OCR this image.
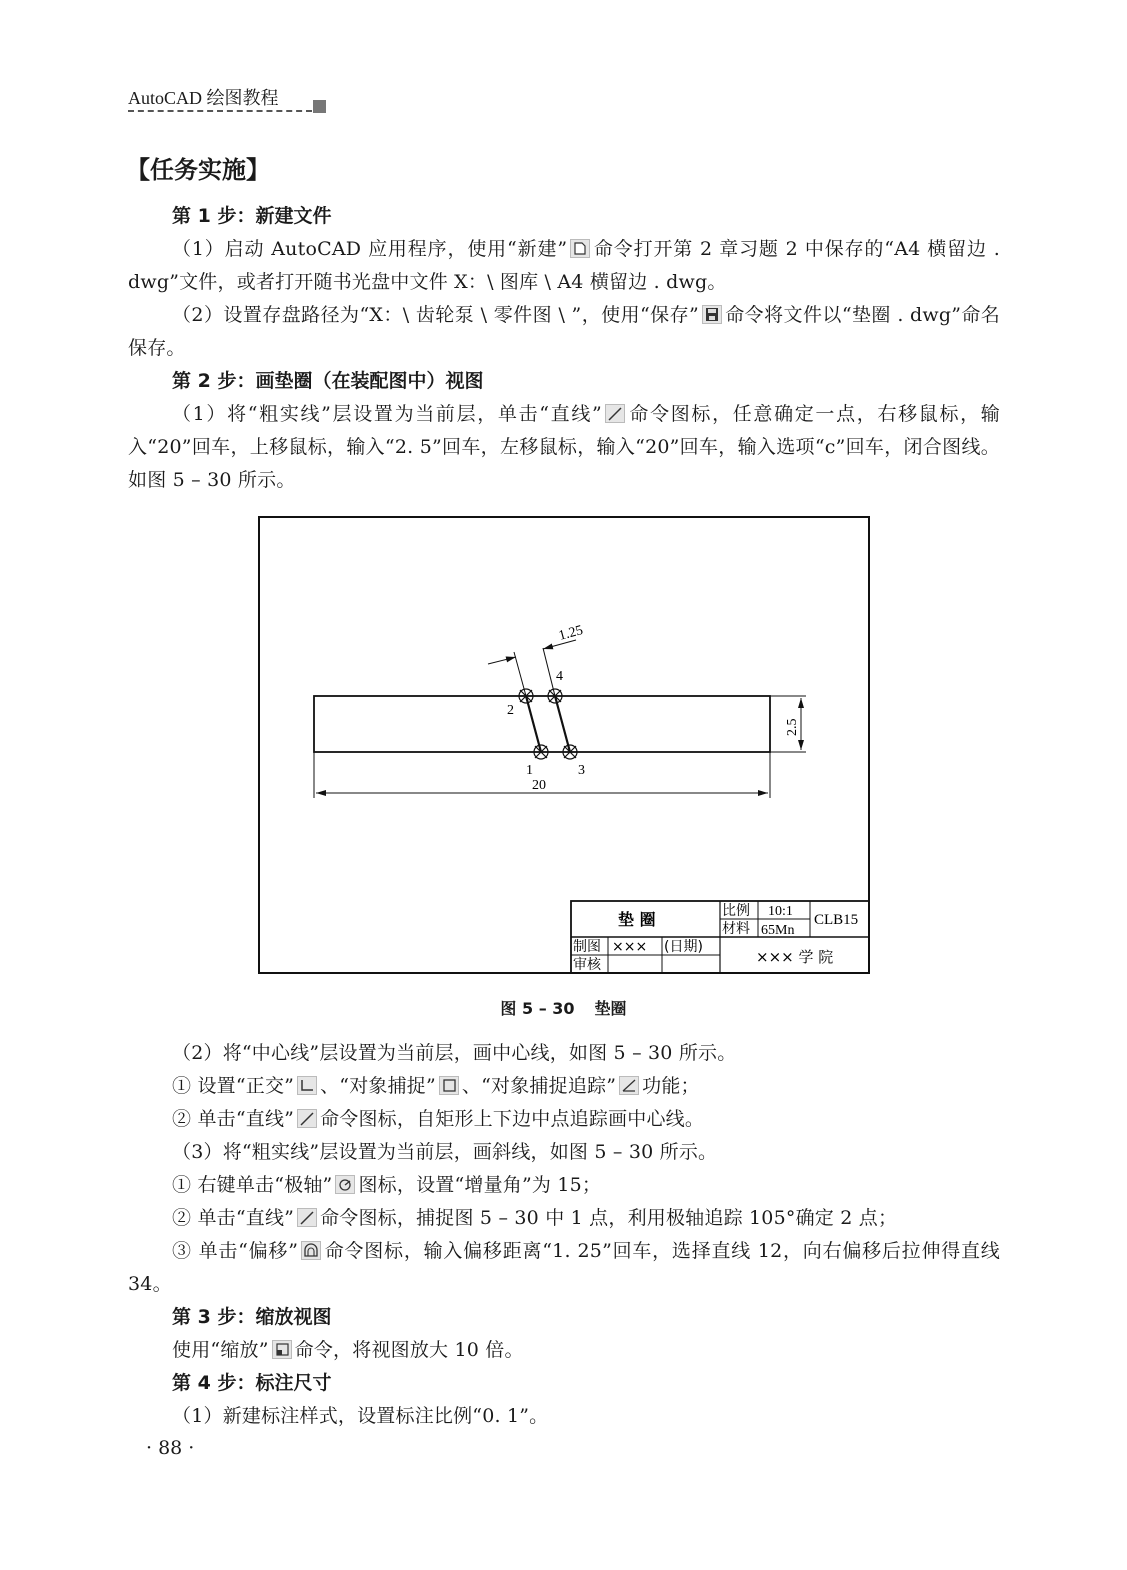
AutoCAD 绘图教程
【任务实施】
第 1 步：新建文件
（1）启动 AutoCAD 应用程序，使用“新建” 命令打开第 2 章习题 2 中保存的“A4 横留边 . dwg”文件，或者打开随书光盘中文件 X：\ 图库 \ A4 横留边 . dwg。
（2）设置存盘路径为“X：\ 齿轮泵 \ 零件图 \ ”，使用“保存” 命令将文件以“垫圈 . dwg”命名保存。
第 2 步：画垫圈（在装配图中）视图
（1）将“粗实线”层设置为当前层，单击“直线” 命令图标，任意确定一点，右移鼠标，输入“20”回车，上移鼠标，输入“2. 5”回车，左移鼠标，输入“20”回车，输入选项“c”回车，闭合图线。如图 5 – 30 所示。
1.25
1
2
3
4
20
2.5
垫 圈	比例 10:1
材料 65Mn
CLB15
制图 ××× (日期)
审核	××× 学 院
图 5 – 30 垫圈
（2）将“中心线”层设置为当前层，画中心线，如图 5 – 30 所示。
① 设置“正交” 、“对象捕捉” 、“对象捕捉追踪” 功能；
② 单击“直线” 命令图标，自矩形上下边中点追踪画中心线。
（3）将“粗实线”层设置为当前层，画斜线，如图 5 – 30 所示。
① 右键单击“极轴” 图标，设置“增量角”为 15；
② 单击“直线” 命令图标，捕捉图 5 – 30 中 1 点，利用极轴追踪 105°确定 2 点；
③ 单击“偏移” 命令图标，输入偏移距离“1. 25”回车，选择直线 12，向右偏移后拉伸得直线 34。
第 3 步：缩放视图
使用“缩放” 命令，将视图放大 10 倍。
第 4 步：标注尺寸
（1）新建标注样式，设置标注比例“0. 1”。
· 88 ·
